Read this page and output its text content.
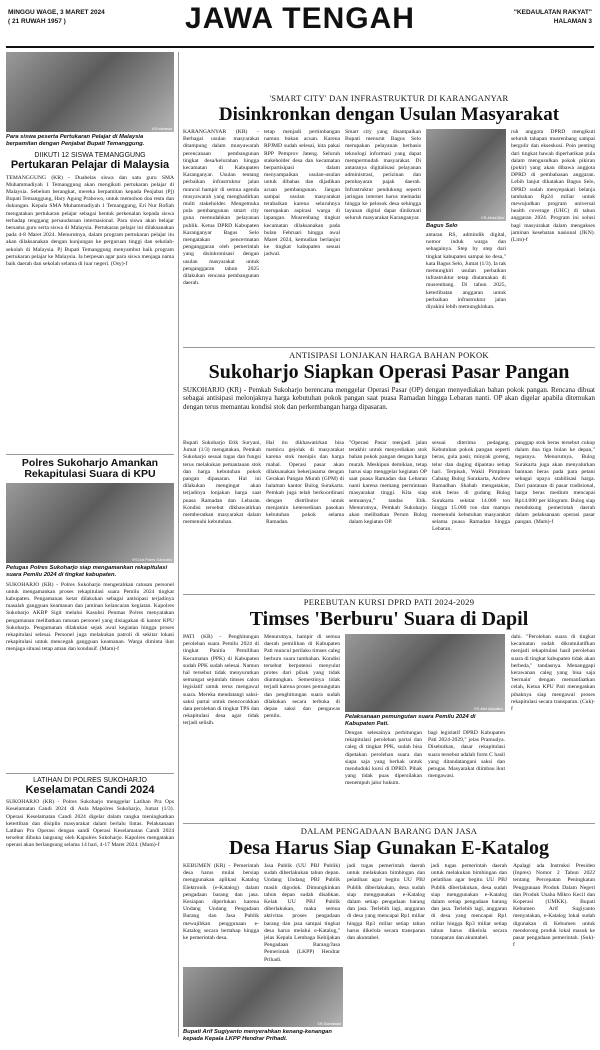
MINGGU WAGE, 3 MARET 2024
( 21 RUWAH 1957 )	JAWA TENGAH	"KEDAULATAN RAKYAT"
HALAMAN 3
KR-Istimewa
Para siswa peserta Pertukaran Pelajar di Malaysia berpamitan dengan Penjabat Bupati Temanggung.
DIIKUTI 12 SISWA TEMANGGUNG
Pertukaran Pelajar di Malaysia
TEMANGGUNG (KR) - Duabelas siswa dan satu guru SMA Muhammadiyah 1 Temanggung akan mengikuti pertukaran pelajar di Malaysia. Sebelum berangkat, mereka berpamitan kepada Penjabat (Pj) Bupati Temanggung, Hary Agung Prabowo, untuk memohon doa restu dan dukungan. Kepala SMA Muhammadiyah 1 Temanggung, Eri Nur Rofiah mengatakan pertukaran pelajar sebagai bentuk perkenalan kepada siswa terhadap tenggang persaudaraan internasional. Para siswa akan belajar bersama guru serta siswa di Malaysia. Pertukaran pelajar ini dilaksanakan pada 4-8 Maret 2024. Menurutnya, dalam program pertukaran pelajar itu akan dilaksanakan dengan kunjungan ke perguruan tinggi dan sekolah-sekolah di Malaysia. Pj Bupati Temanggung menyambut baik program pertukaran pelajar ke Malaysia. Ia berpesan agar para siswa menjaga nama baik daerah dan sekolah selama di luar negeri. (Osy)-f
Polres Sukoharjo Amankan Rekapitulasi Suara di KPU
KR-Dok Polres Sukoharjo
Petugas Polres Sukoharjo siap mengamankan rekapitulasi suara Pemilu 2024 di tingkat kabupaten.
SUKOHARJO (KR) - Polres Sukoharjo mengerahkan ratusan personel untuk mengamankan proses rekapitulasi suara Pemilu 2024 tingkat kabupaten. Pengamanan ketat dilakukan sebagai antisipasi terjadinya masalah gangguan keamanan dan jaminan kelancaran kegiatan. Kapolres Sukoharjo AKBP Sigit melalui Kasubsi Penmas Polres menyatakan pengamanan melibatkan ratusan personel yang disiagakan di kantor KPU Sukoharjo. Pengamanan dilakukan sejak awal kegiatan hingga proses rekapitulasi selesai. Personel juga melakukan patroli di sekitar lokasi rekapitulasi untuk mencegah gangguan keamanan. Warga diminta ikut menjaga situasi tetap aman dan kondusif. (Mam)-f
LATIHAN DI POLRES SUKOHARJO
Keselamatan Candi 2024
SUKOHARJO (KR) - Polres Sukoharjo menggelar Latihan Pra Ops Keselamatan Candi 2024 di Aula Mapolres Sukoharjo, Jumat (1/3). Operasi Keselamatan Candi 2024 digelar dalam rangka meningkatkan ketertiban dan disiplin masyarakat dalam berlalu lintas. Pelaksanaan Latihan Pra Operasi dengan sandi Operasi Keselamatan Candi 2024 tersebut dibuka langsung oleh Kapolres Sukoharjo. Kapolres mengatakan operasi akan berlangsung selama 14 hari, 4-17 Maret 2024. (Mam)-f
'SMART CITY' DAN INFRASTRUKTUR DI KARANGANYAR
Disinkronkan dengan Usulan Masyarakat
KARANGANYAR (KR) - Berbagai usulan masyarakat ditampung dalam musyawarah perencanaan pembangunan tingkat desa/kelurahan hingga kecamatan di Kabupaten Karanganyar. Usulan tentang perbaikan infrastruktur jalan muncul hampir di semua agenda musyawarah yang menghadirkan multi stakeholder. Mengemuka pula pembangunan smart city guna memudahkan pelayanan publik. Ketua DPRD Kabupaten Karanganyar Bagus Selo mengatakan pencermatan penganggaran oleh pemerintah yang disinkronisasi dengan usulan masyarakat untuk penganggaran tahun 2025 dilakukan rencana pembangunan daerah.
tetap menjadi pertimbangan namun bukan acuan. Karena RPJMD sudah selesai, kita pakai RPP Pemprov Jateng. Seluruh stakeholder desa dan kecamatan berpartisipasi dalam menyampaikan usulan-usulan untuk dibahas dan dijadikan acuan pembangunan. Jangan sampai usulan masyarakat terabaikan karena seluruhnya merupakan aspirasi warga di lapangan. Musrenbang tingkat kecamatan dilaksanakan pada bulan Februari hingga awal Maret 2024, kemudian berlanjut ke tingkat kabupaten sesuai jadwal.
Smart city yang disampaikan Bupati menurut Bagus Selo merupakan pelayanan berbasis teknologi informasi yang dapat mempermudah masyarakat. Di antaranya digitalisasi pelayanan administrasi, perizinan dan pembayaran pajak daerah. Infrastruktur pendukung seperti jaringan internet harus memadai hingga ke pelosok desa sehingga layanan digital dapat dinikmati seluruh masyarakat Karanganyar.	KR-Abdul Alim
Bagus Selo
antaran RS, admindik digital, nomor induk warga dan sebagainya. Step by step dari tingkat kabupaten sampai ke desa," kata Bagus Selo, Jumat (1/3). Ia tak memungkiri usulan perbaikan infrastruktur tetap diutamakan di musrenbang. Di tahun 2025, keterlibatan anggaran untuk perbaikan infrastruktur jalan diyakini lebih memungkinkan.
ruh anggota DPRD mengikuti seluruh tahapan musrenbang sampai bergulir dan ekseskusi. Poin penting dari tingkat bawah diperhatikan pula dalam mengusulkan pokok pikiran (pokir) yang akan dibawa anggota DPRD di pembahasan anggaran. Lebih lanjut dikatakan Bagus Selo, DPRD sudah menyepakati belanja tambahan Rp24 miliar untuk mewujudkan program universal health coverage (UHC) di tahun anggaran 2024. Program ini solusi bagi masyarakat dalam mengakses jaminan kesehatan nasional (JKN). (Lim)-f
ANTISIPASI LONJAKAN HARGA BAHAN POKOK
Sukoharjo Siapkan Operasi Pasar Pangan
SUKOHARJO (KR) - Pemkab Sukoharjo berencana menggelar Operasi Pasar (OP) dengan menyediakan bahan pokok pangan. Rencana dibuat sebagai antisipasi melonjaknya harga kebutuhan pokok pangan saat puasa Ramadan hingga Lebaran nanti. OP akan digelar apabila ditemukan dengan terus memantau kondisi stok dan perkembangan harga dipasaran.
Bupati Sukoharjo Etik Suryani, Jumat (1/3) mengatakan, Pemkab Sukoharjo sesuai tugas dan fungsi terus melakukan pemantauan stok dan harga kebutuhan pokok pangan dipasaran. Hal ini dilakukan mengingat akan terjadinya lonjakan harga saat puasa Ramadan dan Lebaran. Kondisi tersebut dikhawatirkan memberatkan masyarakat dalam memenuhi kebutuhan.
Hal itu dikhawatirkan bisa memicu gejolak di masyarakat karena stok menipis dan harga mahal. Operasi pasar akan dilaksanakan bekerjasama dengan Gerakan Pangan Murah (GPM) di halaman kantor Bulog Surakarta. Pemkab juga telah berkoordinasi dengan distributor untuk menjamin ketersediaan pasokan kebutuhan pokok selama Ramadan.
"Operasi Pasar menjadi jalan terakhir untuk menyediakan stok bahan pokok pangan dengan harga murah. Meskipun demikian, tetap harus siap menggelar kegiatan OP saat puasa Ramadan dan Lebaran nanti karena memang permintaan masyarakat tinggi. Kita siap semuanya," tandas Etik. Menurutnya, Pemkab Sukoharjo akan melibatkan Perum Bulog dalam kegiatan OP.
sesuai diterima pedagang. Kebutuhan pokok pangan seperti beras, gula pasir, minyak goreng, telur dan daging dipantau setiap hari. Terpisah, Wakil Pimpinan Cabang Bulog Surakarta, Andrew Ramadhan Shahab mengatakan, stok beras di gudang Bulog Surakarta sekitar 14.000 ton hingga 15.000 ton dan mampu memenuhi kebutuhan masyarakat selama puasa Ramadan hingga Lebaran.
panggap stok beras tersebut cukup dalam dua tiga bulan ke depan," tegasnya. Menurutnya, Bulog Surakarta juga akan menyalurkan bantuan beras pada para petani sebagai upaya stabilisasi harga. Dari pantauan di pasar tradisional, harga beras medium mencapai Rp14.000 per kilogram. Bulog siap mendukung pemerintah daerah dalam pelaksanaan operasi pasar pangan. (Mam)-f
PEREBUTAN KURSI DPRD PATI 2024-2029
Timses 'Berburu' Suara di Dapil
PATI (KR) - Penghitungan perolehan suara Pemilu 2024 di tingkat Panitia Pemilihan Kecamatan (PPK) di Kabupaten sudah PPK sudah selesai. Namun hal tersebut tidak menyurutkan semangat sejumlah timses calon legislatif untuk terus mengawal suara. Mereka mendatangi saksi-saksi partai untuk mencocokkan data perolehan di tingkat TPS dan rekapitulasi desa agar tidak terjadi selisih.
Menurutnya, hampir di semua daerah pemilihan di Kabupaten Pati muncul perilaku timses caleg berburu suara tambahan. Kondisi tersebut berpotensi menyulut protes dari pihak yang tidak diuntungkan. Semestinya tidak terjadi karena proses pemungutan dan penghitungan suara sudah dilakukan secara terbuka di depan saksi dan pengawas pemilu.
KR-Aled Alpiyatius
Pelaksanaan pemungutan suara Pemilu 2024 di Kabupaten Pati.
Dengan selesainya perhitungan rekapitulasi perolehan partai dan caleg di tingkat PPK, sudah bisa dipetakan perolehan suara dan siapa saja yang berhak untuk menduduki kursi di DPRD. Pihak yang tidak puas dipersilakan menempuh jalur hukum.
bagi legislatif DPRD Kabupaten Pati 2024-2029," jelas Pramudya. Disebutkan, dasar rekapitulasi suara tersebut adalah form C hasil yang ditandatangani saksi dan petugas. Masyarakat diimbau ikut mengawasi.
dahi. "Perolehan suara di tingkat kecamatan sudah dikumulatifkan menjadi rekapitulasi hasil perolehan suara di tingkat kabupaten tidak akan berbeda," tandasnya. Menanggapi kerawanan caleg yang bisa saja 'bermain' dengan memanfaatkan celah, Ketua KPU Pati menegaskan pihaknya siap mengawal proses rekapitulasi secara transparan. (Cuk)-f
DALAM PENGADAAN BARANG DAN JASA
Desa Harus Siap Gunakan E-Katalog
KEBUMEN (KR) - Pemerintah desa harus mulai bersiap menggunakan aplikasi Katalog Elektronik (e-Katalog) dalam pengadaan barang dan jasa. Kesiapan diperlukan karena Undang Undang Pengadaan Barang dan Jasa Publik mewajibkan penggunaan e-Katalog secara bertahap hingga ke pemerintah desa.
KR-Sukmawan
Bupati Arif Sugiyanto menyerahkan kenang-kenangan kepada Kepala LKPP Hendrar Prihadi.
Jasa Publik (UU PBJ Publik) sudah diberlakukan tahun depan. Undang Undang PBJ Publik masih digodok. Dimungkinkan tahun depan sudah disahkan. Kelak UU PBJ Publik diberlakukan, maka semua aktivitas proses pengadaan barang dan jasa sampai tingkat desa harus melalui e-Katalog," jelas Kepala Lembaga Kebijakan Pengadaan Barang/Jasa Pemerintah (LKPP) Hendrar Prihadi.
jadi tugas pemerintah daerah untuk melakukan bimbingan dan pelatihan agar begitu UU PBJ Publik diberlakukan, desa sudah siap menggunakan e-Katalog dalam setiap pengadaan barang dan jasa. Terlebih lagi, anggaran di desa yang mencapai Rp1 miliar hingga Rp3 miliar setiap tahun harus dikelola secara transparan dan akuntabel.
jadi tugas pemerintah daerah untuk melakukan bimbingan dan pelatihan agar begitu UU PBJ Publik diberlakukan, desa sudah siap menggunakan e-Katalog dalam setiap pengadaan barang dan jasa. Terlebih lagi, anggaran di desa yang mencapai Rp1 miliar hingga Rp3 miliar setiap tahun harus dikelola secara transparan dan akuntabel.
Apalagi ada Instruksi Presiden (Inpres) Nomor 2 Tahun 2022 tentang Percepatan Peningkatan Penggunaan Produk Dalam Negeri dan Produk Usaha Mikro Kecil dan Koperasi (UMKK). Bupati Kebumen Arif Sugiyanto menyatakan, e-Katalog lokal sudah digunakan di Kebumen untuk mendorong produk lokal masuk ke pasar pengadaan pemerintah. (Suk)-f
